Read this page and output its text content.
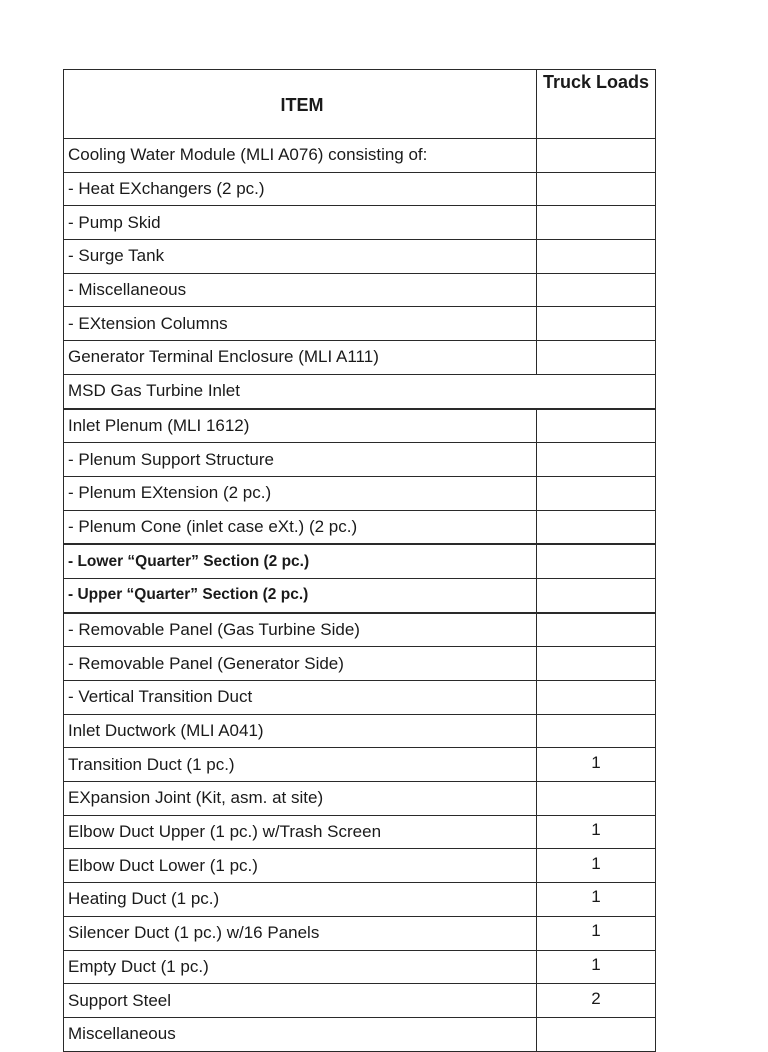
ITEM	Truck Loads
Cooling Water Module (MLI A076) consisting of:	
- Heat EXchangers (2 pc.)	
- Pump Skid	
- Surge Tank	
- Miscellaneous	
- EXtension Columns	
Generator Terminal Enclosure (MLI A111)	
MSD Gas Turbine Inlet	
Inlet Plenum (MLI 1612)	
- Plenum Support Structure	
- Plenum EXtension (2 pc.)	
- Plenum Cone (inlet case eXt.) (2 pc.)	
- Lower “Quarter” Section (2 pc.)	
- Upper “Quarter” Section (2 pc.)	
- Removable Panel (Gas Turbine Side)	
- Removable Panel (Generator Side)	
- Vertical Transition Duct	
Inlet Ductwork (MLI A041)	
Transition Duct (1 pc.)	1
EXpansion Joint (Kit, asm. at site)	
Elbow Duct Upper (1 pc.) w/Trash Screen	1
Elbow Duct Lower (1 pc.)	1
Heating Duct (1 pc.)	1
Silencer Duct (1 pc.) w/16 Panels	1
Empty Duct (1 pc.)	1
Support Steel	2
Miscellaneous	
